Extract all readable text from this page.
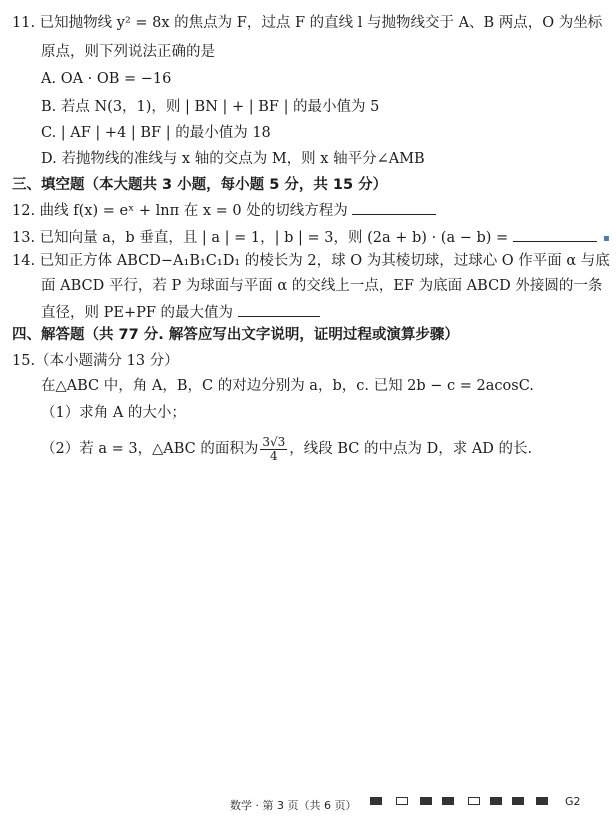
11. 已知抛物线 y² = 8x 的焦点为 F，过点 F 的直线 l 与抛物线交于 A、B 两点，O 为坐标
原点，则下列说法正确的是
A. OA · OB = −16
B. 若点 N(3，1)，则 | BN | + | BF | 的最小值为 5
C. | AF | +4 | BF | 的最小值为 18
D. 若抛物线的准线与 x 轴的交点为 M，则 x 轴平分∠AMB
三、填空题（本大题共 3 小题，每小题 5 分，共 15 分）
12. 曲线 f(x) = eˣ + lnπ 在 x = 0 处的切线方程为
13. 已知向量 a，b 垂直，且 | a | = 1，| b | = 3，则 (2a + b) · (a − b) =
14. 已知正方体 ABCD−A₁B₁C₁D₁ 的棱长为 2，球 O 为其棱切球，过球心 O 作平面 α 与底
面 ABCD 平行，若 P 为球面与平面 α 的交线上一点，EF 为底面 ABCD 外接圆的一条
直径，则 PE+PF 的最大值为
四、解答题（共 77 分. 解答应写出文字说明，证明过程或演算步骤）
15.（本小题满分 13 分）
在△ABC 中，角 A，B，C 的对边分别为 a，b，c. 已知 2b − c = 2acosC.
（1）求角 A 的大小；
（2）若 a = 3，△ABC 的面积为 $\frac{3√3}{4}$ ，线段 BC 的中点为 D，求 AD 的长.
▪
数学 · 第 3 页（共 6 页）	G2
